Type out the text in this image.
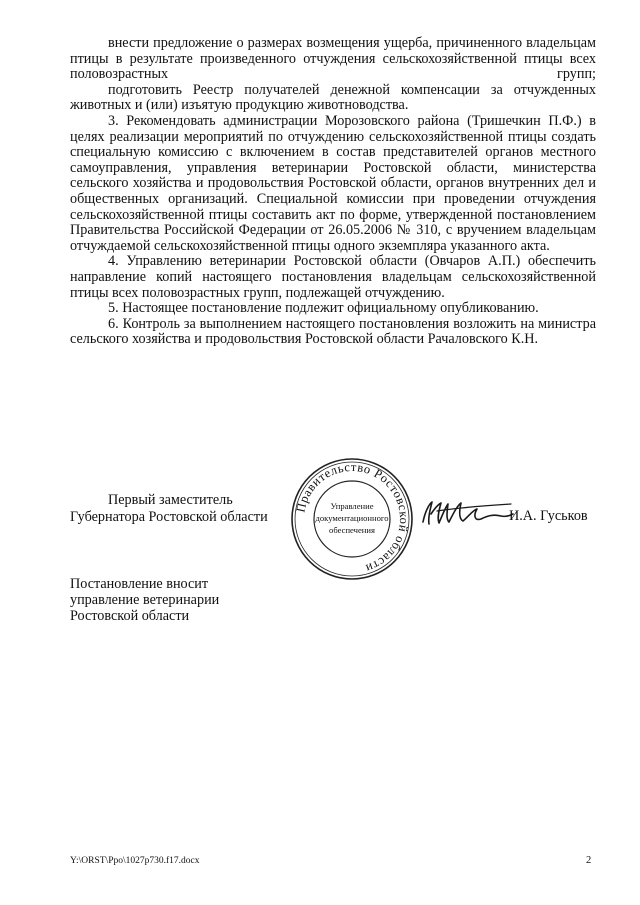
внести предложение о размерах возмещения ущерба, причиненного владельцам птицы в результате произведенного отчуждения сельскохозяйственной птицы всех половозрастных групп;

подготовить Реестр получателей денежной компенсации за отчужденных животных и (или) изъятую продукцию животноводства.

3. Рекомендовать администрации Морозовского района (Тришечкин П.Ф.) в целях реализации мероприятий по отчуждению сельскохозяйственной птицы создать специальную комиссию с включением в состав представителей органов местного самоуправления, управления ветеринарии Ростовской области, министерства сельского хозяйства и продовольствия Ростовской области, органов внутренних дел и общественных организаций. Специальной комиссии при проведении отчуждения сельскохозяйственной птицы составить акт по форме, утвержденной постановлением Правительства Российской Федерации от 26.05.2006 № 310, с вручением владельцам отчуждаемой сельскохозяйственной птицы одного экземпляра указанного акта.

4. Управлению ветеринарии Ростовской области (Овчаров А.П.) обеспечить направление копий настоящего постановления владельцам сельскохозяйственной птицы всех половозрастных групп, подлежащей отчуждению.

5. Настоящее постановление подлежит официальному опубликованию.

6. Контроль за выполнением настоящего постановления возложить на министра сельского хозяйства и продовольствия Ростовской области Рачаловского К.Н.

Первый заместитель
Губернатора Ростовской области
Правительство Ростовской области
Управление
документационного
обеспечения
И.А. Гуськов
Постановление вносит
управление ветеринарии
Ростовской области
Y:\ORST\Ppo\1027p730.f17.docx	2
